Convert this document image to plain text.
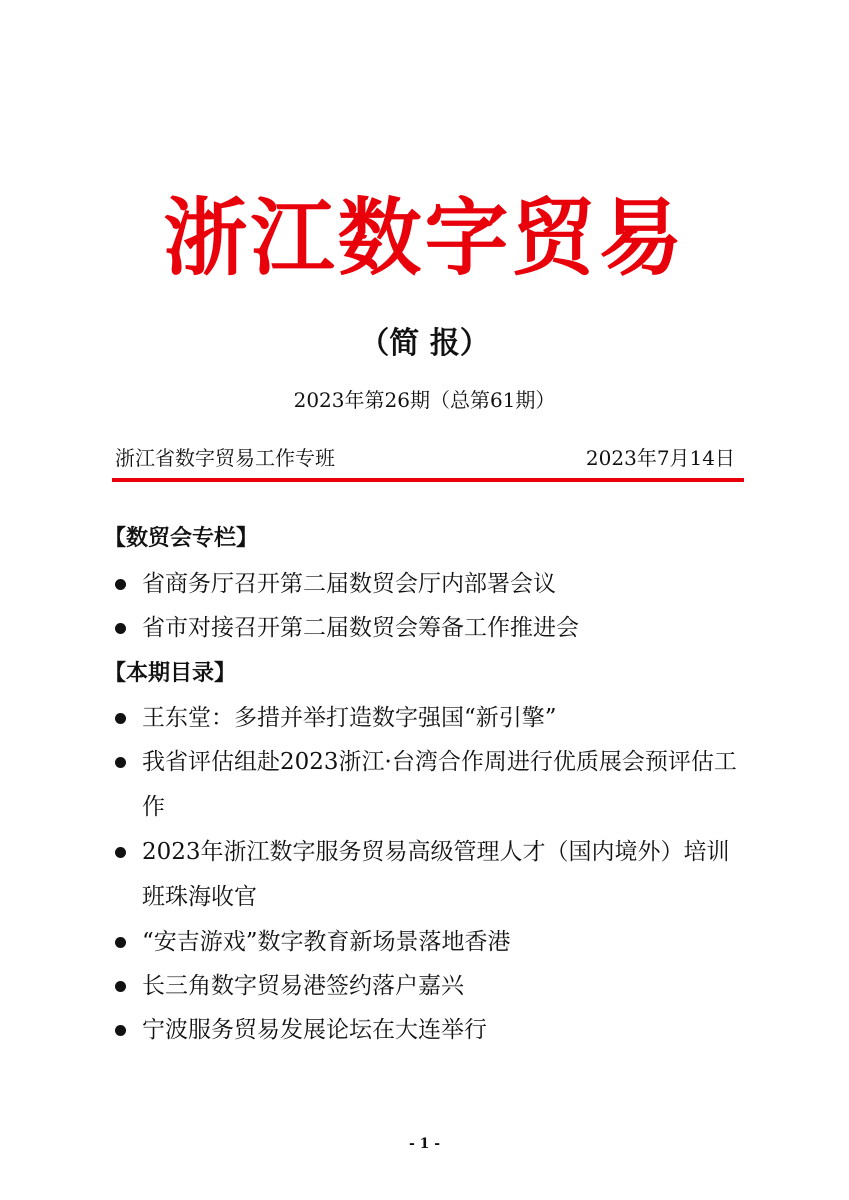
浙江数字贸易
（简 报）
2023年第26期（总第61期）
浙江省数字贸易工作专班	2023年7月14日
【数贸会专栏】
省商务厅召开第二届数贸会厅内部署会议
省市对接召开第二届数贸会筹备工作推进会
【本期目录】
王东堂：多措并举打造数字强国“新引擎”
我省评估组赴2023浙江·台湾合作周进行优质展会预评估工作
2023年浙江数字服务贸易高级管理人才（国内境外）培训班珠海收官
“安吉游戏”数字教育新场景落地香港
长三角数字贸易港签约落户嘉兴
宁波服务贸易发展论坛在大连举行
- 1 -
